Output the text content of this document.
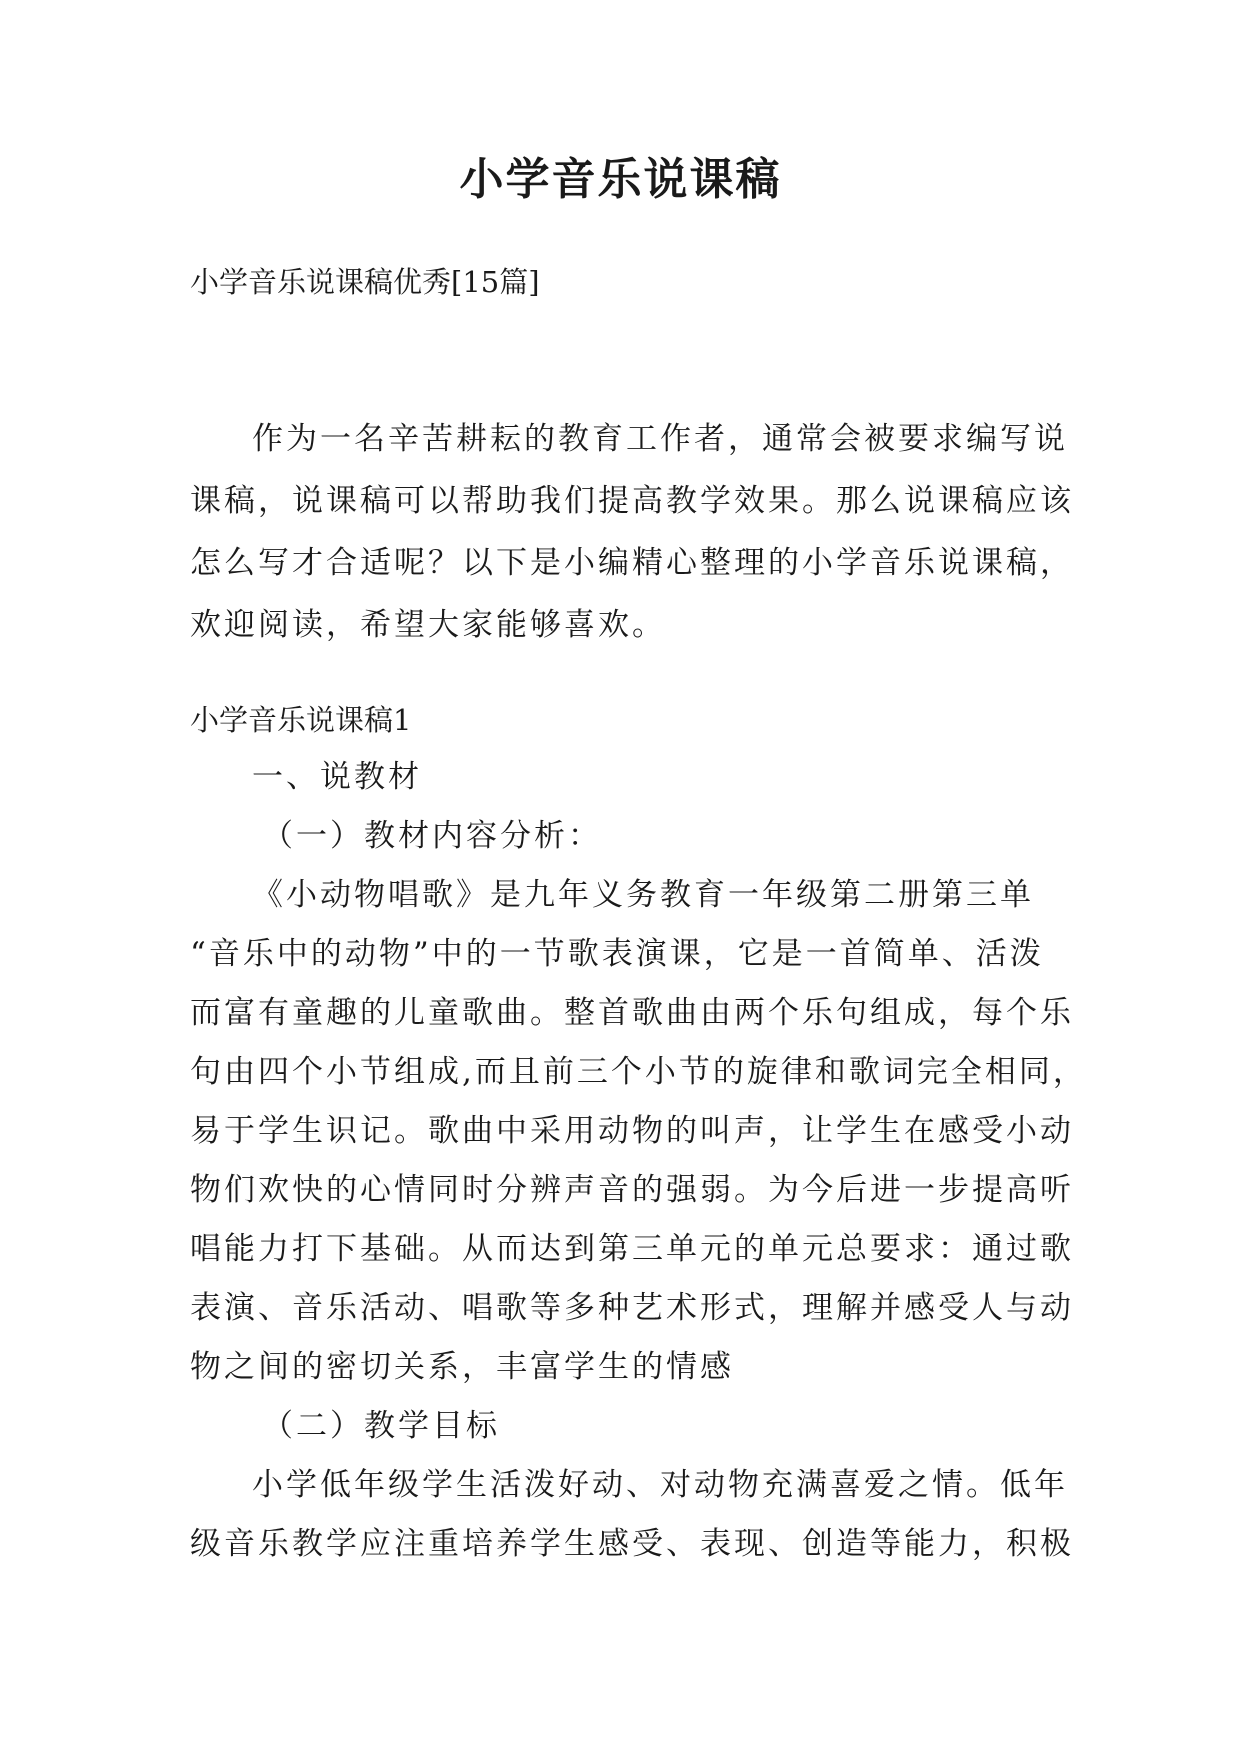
小学音乐说课稿
小学音乐说课稿优秀[15篇]
作为一名辛苦耕耘的教育工作者，通常会被要求编写说
课稿，说课稿可以帮助我们提高教学效果。那么说课稿应该
怎么写才合适呢？以下是小编精心整理的小学音乐说课稿，
欢迎阅读，希望大家能够喜欢。
小学音乐说课稿1
一、说教材
（一）教材内容分析：
《小动物唱歌》是九年义务教育一年级第二册第三单
“音乐中的动物”中的一节歌表演课，它是一首简单、活泼
而富有童趣的儿童歌曲。整首歌曲由两个乐句组成，每个乐
句由四个小节组成,而且前三个小节的旋律和歌词完全相同，
易于学生识记。歌曲中采用动物的叫声，让学生在感受小动
物们欢快的心情同时分辨声音的强弱。为今后进一步提高听
唱能力打下基础。从而达到第三单元的单元总要求：通过歌
表演、音乐活动、唱歌等多种艺术形式，理解并感受人与动
物之间的密切关系，丰富学生的情感
（二）教学目标
小学低年级学生活泼好动、对动物充满喜爱之情。低年
级音乐教学应注重培养学生感受、表现、创造等能力，积极
